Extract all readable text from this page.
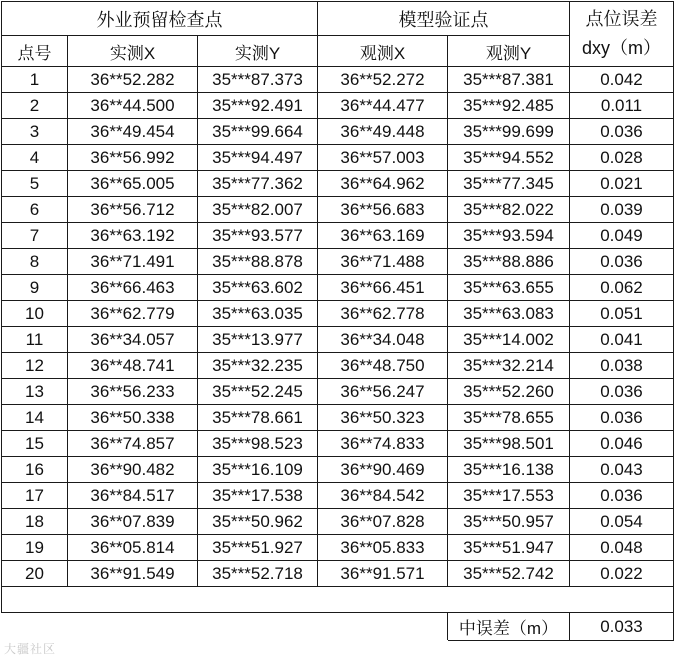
外业预留检查点			模型验证点		点位误差
dxy（m）
点号	实测X	实测Y	观测X	观测Y	
1	36**52.282	35***87.373	36**52.272	35***87.381	0.042
2	36**44.500	35***92.491	36**44.477	35***92.485	0.011
3	36**49.454	35***99.664	36**49.448	35***99.699	0.036
4	36**56.992	35***94.497	36**57.003	35***94.552	0.028
5	36**65.005	35***77.362	36**64.962	35***77.345	0.021
6	36**56.712	35***82.007	36**56.683	35***82.022	0.039
7	36**63.192	35***93.577	36**63.169	35***93.594	0.049
8	36**71.491	35***88.878	36**71.488	35***88.886	0.036
9	36**66.463	35***63.602	36**66.451	35***63.655	0.062
10	36**62.779	35***63.035	36**62.778	35***63.083	0.051
11	36**34.057	35***13.977	36**34.048	35***14.002	0.041
12	36**48.741	35***32.235	36**48.750	35***32.214	0.038
13	36**56.233	35***52.245	36**56.247	35***52.260	0.036
14	36**50.338	35***78.661	36**50.323	35***78.655	0.036
15	36**74.857	35***98.523	36**74.833	35***98.501	0.046
16	36**90.482	35***16.109	36**90.469	35***16.138	0.043
17	36**84.517	35***17.538	36**84.542	35***17.553	0.036
18	36**07.839	35***50.962	36**07.828	35***50.957	0.054
19	36**05.814	35***51.927	36**05.833	35***51.947	0.048
20	36**91.549	35***52.718	36**91.571	35***52.742	0.022

				中误差（m）	0.033
大疆社区
